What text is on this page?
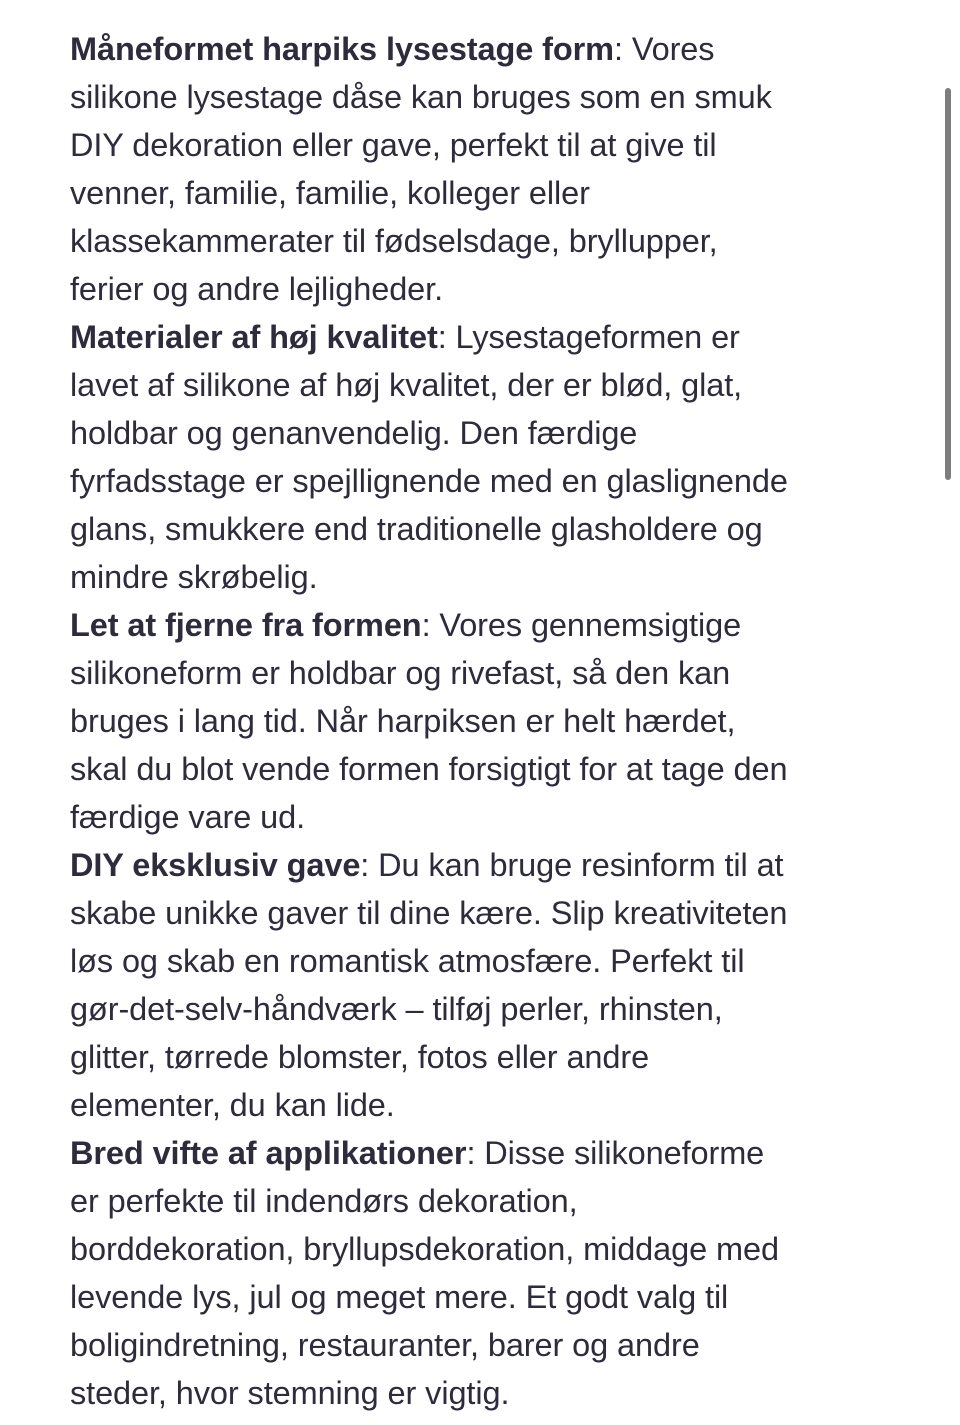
Måneformet harpiks lysestage form: Vores silikone lysestage dåse kan bruges som en smuk DIY dekoration eller gave, perfekt til at give til venner, familie, familie, kolleger eller klassekammerater til fødselsdage, bryllupper, ferier og andre lejligheder.

Materialer af høj kvalitet: Lysestageformen er lavet af silikone af høj kvalitet, der er blød, glat, holdbar og genanvendelig. Den færdige fyrfadsstage er spejllignende med en glaslignende glans, smukkere end traditionelle glasholdere og mindre skrøbelig.

Let at fjerne fra formen: Vores gennemsigtige silikoneform er holdbar og rivefast, så den kan bruges i lang tid. Når harpiksen er helt hærdet, skal du blot vende formen forsigtigt for at tage den færdige vare ud.

DIY eksklusiv gave: Du kan bruge resinform til at skabe unikke gaver til dine kære. Slip kreativiteten løs og skab en romantisk atmosfære. Perfekt til gør-det-selv-håndværk – tilføj perler, rhinsten, glitter, tørrede blomster, fotos eller andre elementer, du kan lide.

Bred vifte af applikationer: Disse silikoneforme er perfekte til indendørs dekoration, borddekoration, bryllupsdekoration, middage med levende lys, jul og meget mere. Et godt valg til boligindretning, restauranter, barer og andre steder, hvor stemning er vigtig.
